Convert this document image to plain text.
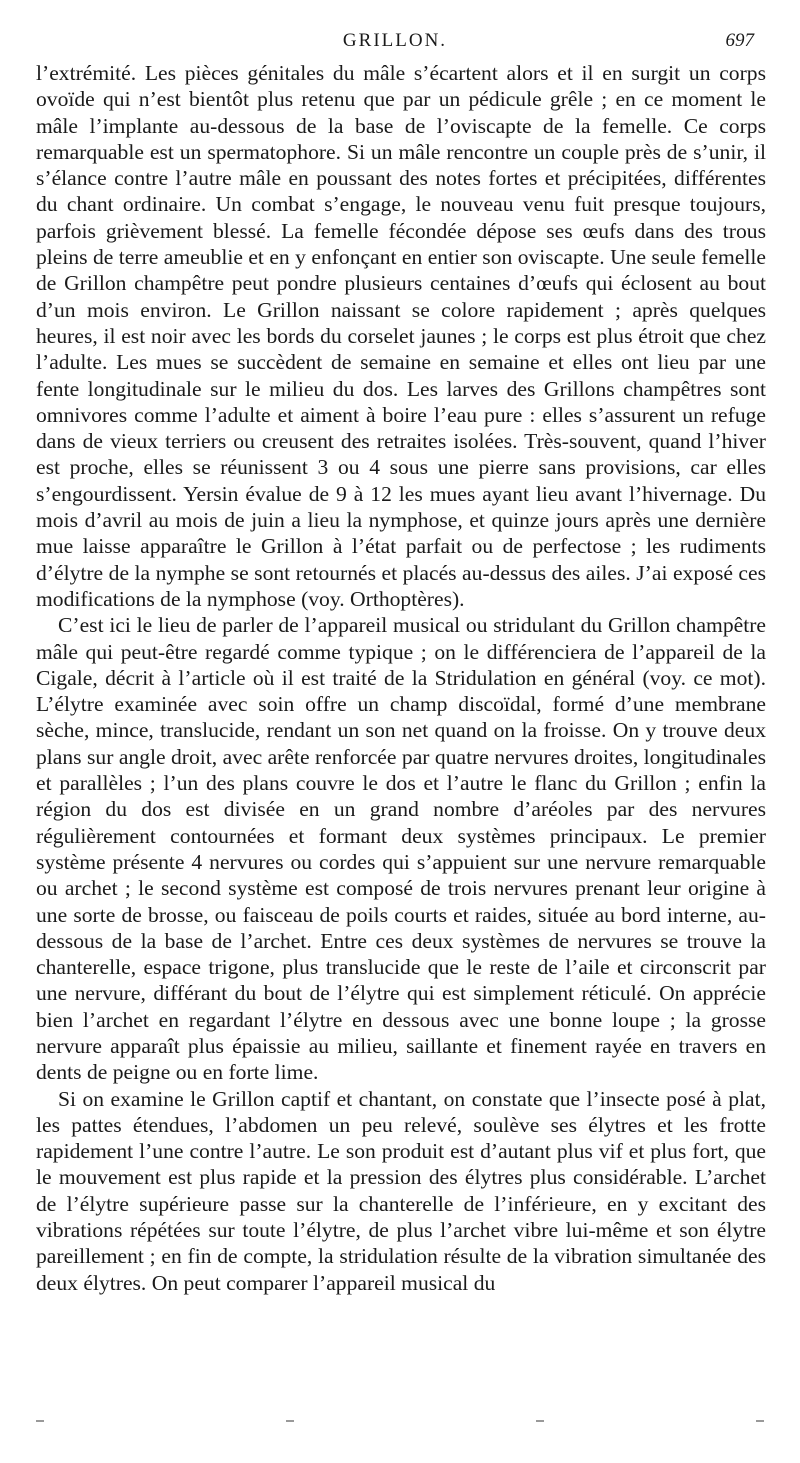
GRILLON.	697

l’extrémité. Les pièces génitales du mâle s’écartent alors et il en surgit un corps ovoïde qui n’est bientôt plus retenu que par un pédicule grêle ; en ce moment le mâle l’implante au-dessous de la base de l’oviscapte de la femelle. Ce corps remarquable est un spermatophore. Si un mâle rencontre un couple près de s’unir, il s’élance contre l’autre mâle en poussant des notes fortes et précipitées, différentes du chant ordinaire. Un combat s’engage, le nouveau venu fuit presque toujours, parfois grièvement blessé. La femelle fécondée dépose ses œufs dans des trous pleins de terre ameublie et en y enfonçant en entier son oviscapte. Une seule femelle de Grillon champêtre peut pondre plusieurs centaines d’œufs qui éclosent au bout d’un mois environ. Le Grillon naissant se colore rapidement ; après quelques heures, il est noir avec les bords du corselet jaunes ; le corps est plus étroit que chez l’adulte. Les mues se succèdent de semaine en semaine et elles ont lieu par une fente longitudinale sur le milieu du dos. Les larves des Grillons champêtres sont omnivores comme l’adulte et aiment à boire l’eau pure : elles s’assurent un refuge dans de vieux terriers ou creusent des retraites isolées. Très-souvent, quand l’hiver est proche, elles se réunissent 3 ou 4 sous une pierre sans provisions, car elles s’engourdissent. Yersin évalue de 9 à 12 les mues ayant lieu avant l’hivernage. Du mois d’avril au mois de juin a lieu la nymphose, et quinze jours après une dernière mue laisse apparaître le Grillon à l’état parfait ou de perfectose ; les rudiments d’élytre de la nymphe se sont retournés et placés au-dessus des ailes. J’ai exposé ces modifications de la nymphose (voy. Orthoptères).

C’est ici le lieu de parler de l’appareil musical ou stridulant du Grillon champêtre mâle qui peut-être regardé comme typique ; on le différenciera de l’appareil de la Cigale, décrit à l’article où il est traité de la Stridulation en général (voy. ce mot). L’élytre examinée avec soin offre un champ discoïdal, formé d’une membrane sèche, mince, translucide, rendant un son net quand on la froisse. On y trouve deux plans sur angle droit, avec arête renforcée par quatre nervures droites, longitudinales et parallèles ; l’un des plans couvre le dos et l’autre le flanc du Grillon ; enfin la région du dos est divisée en un grand nombre d’aréoles par des nervures régulièrement contournées et formant deux systèmes principaux. Le premier système présente 4 nervures ou cordes qui s’appuient sur une nervure remarquable ou archet ; le second système est composé de trois nervures prenant leur origine à une sorte de brosse, ou faisceau de poils courts et raides, située au bord interne, au-dessous de la base de l’archet. Entre ces deux systèmes de nervures se trouve la chanterelle, espace trigone, plus translucide que le reste de l’aile et circonscrit par une nervure, différant du bout de l’élytre qui est simplement réticulé. On apprécie bien l’archet en regardant l’élytre en dessous avec une bonne loupe ; la grosse nervure apparaît plus épaissie au milieu, saillante et finement rayée en travers en dents de peigne ou en forte lime.

Si on examine le Grillon captif et chantant, on constate que l’insecte posé à plat, les pattes étendues, l’abdomen un peu relevé, soulève ses élytres et les frotte rapidement l’une contre l’autre. Le son produit est d’autant plus vif et plus fort, que le mouvement est plus rapide et la pression des élytres plus considérable. L’archet de l’élytre supérieure passe sur la chanterelle de l’inférieure, en y excitant des vibrations répétées sur toute l’élytre, de plus l’archet vibre lui-même et son élytre pareillement ; en fin de compte, la stridulation résulte de la vibration simultanée des deux élytres. On peut comparer l’appareil musical du
